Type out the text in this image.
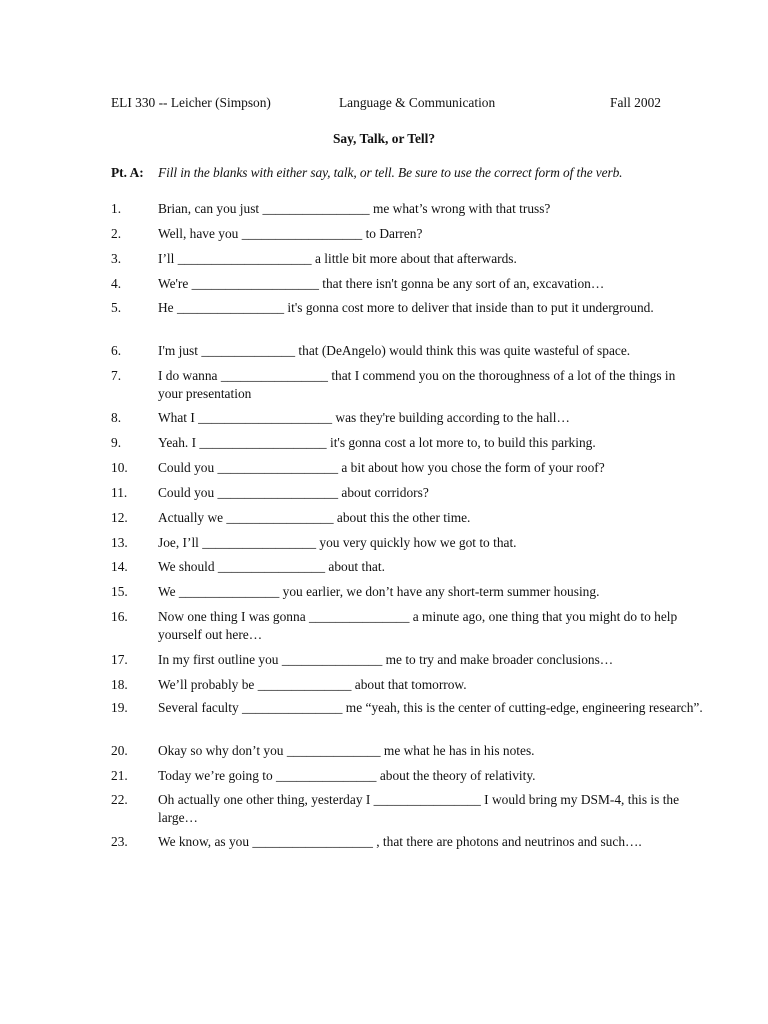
ELI 330 -- Leicher (Simpson)	Language & Communication	Fall 2002
Say, Talk, or Tell?
Pt. A: Fill in the blanks with either say, talk, or tell. Be sure to use the correct form of the verb.
1.	Brian, can you just ________________ me what’s wrong with that truss?
2.	Well, have you __________________ to Darren?
3.	I’ll ____________________ a little bit more about that afterwards.
4.	We're ___________________ that there isn't gonna be any sort of an, excavation…
5.	He ________________ it's gonna cost more to deliver that inside than to put it underground.
6.	I'm just ______________ that (DeAngelo) would think this was quite wasteful of space.
7.	I do wanna ________________ that I commend you on the thoroughness of a lot of the things in your presentation
8.	What I ____________________ was they're building according to the hall…
9.	Yeah. I ___________________ it's gonna cost a lot more to, to build this parking.
10.	Could you __________________ a bit about how you chose the form of your roof?
11.	Could you __________________ about corridors?
12.	Actually we ________________ about this the other time.
13.	Joe, I’ll _________________ you very quickly how we got to that.
14.	We should ________________ about that.
15.	We _______________ you earlier, we don’t have any short-term summer housing.
16.	Now one thing I was gonna _______________ a minute ago, one thing that you might do to help yourself out here…
17.	In my first outline you _______________ me to try and make broader conclusions…
18.	We’ll probably be ______________ about that tomorrow.
19.	Several faculty _______________ me “yeah, this is the center of cutting-edge, engineering research”.
20.	Okay so why don’t you ______________ me what he has in his notes.
21.	Today we’re going to _______________ about the theory of relativity.
22.	Oh actually one other thing, yesterday I ________________ I would bring my DSM-4, this is the large…
23.	We know, as you __________________ , that there are photons and neutrinos and such….
